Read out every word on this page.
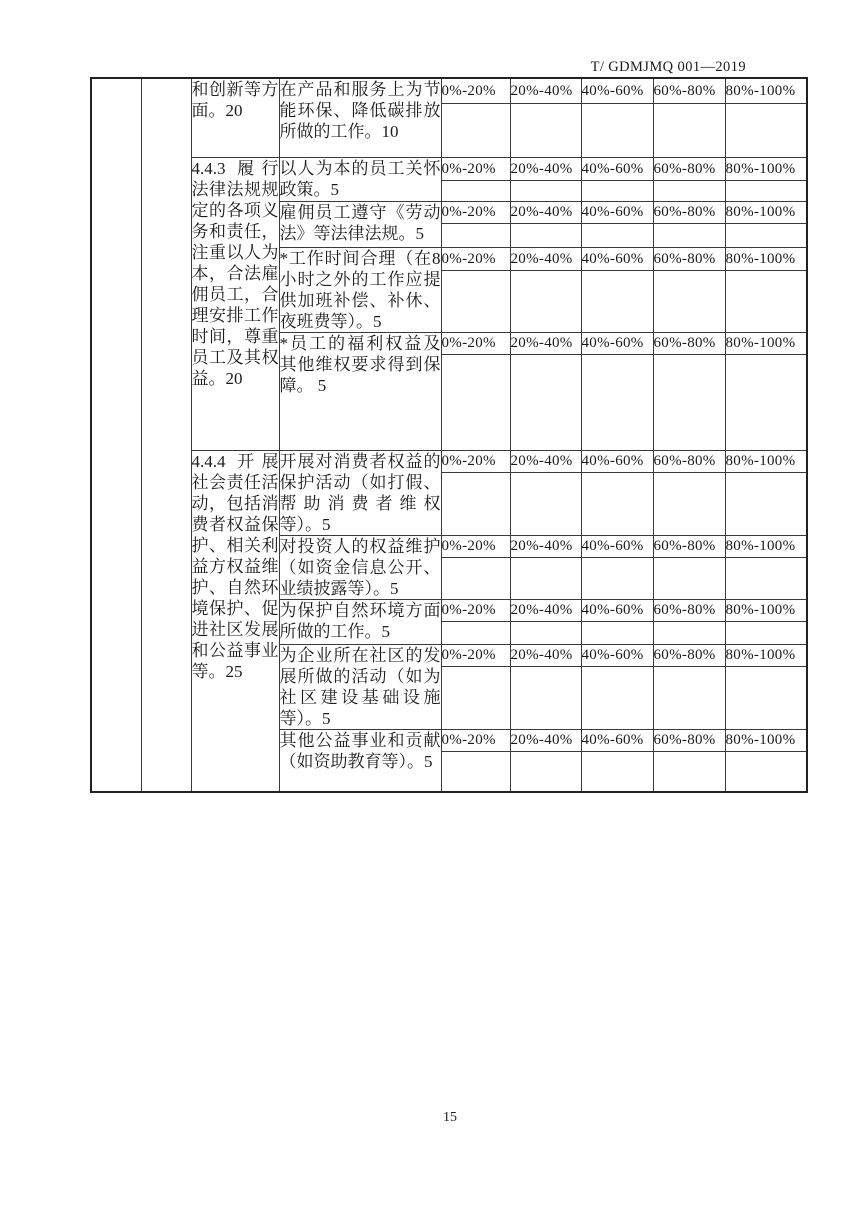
T/ GDMJMQ 001—2019
		和创新等方面。20	在产品和服务上为节能环保、降低碳排放所做的工作。10	0%-20%	20%-40%	40%-60%	60%-80%	80%-100%

		4.4.3 履行法律法规规定的各项义务和责任，注重以人为本，合法雇佣员工，合理安排工作时间，尊重员工及其权益。20	以人为本的员工关怀政策。5	0%-20%	20%-40%	40%-60%	60%-80%	80%-100%

			雇佣员工遵守《劳动法》等法律法规。5	0%-20%	20%-40%	40%-60%	60%-80%	80%-100%

			*工作时间合理（在8小时之外的工作应提供加班补偿、补休、夜班费等）。5	0%-20%	20%-40%	40%-60%	60%-80%	80%-100%

			*员工的福利权益及其他维权要求得到保障。 5	0%-20%	20%-40%	40%-60%	60%-80%	80%-100%

		4.4.4 开展社会责任活动，包括消费者权益保护、相关利益方权益维护、自然环境保护、促进社区发展和公益事业等。25	开展对消费者权益的保护活动（如打假、帮助消费者维权等）。5	0%-20%	20%-40%	40%-60%	60%-80%	80%-100%

			对投资人的权益维护（如资金信息公开、业绩披露等）。5	0%-20%	20%-40%	40%-60%	60%-80%	80%-100%

			为保护自然环境方面所做的工作。5	0%-20%	20%-40%	40%-60%	60%-80%	80%-100%

			为企业所在社区的发展所做的活动（如为社区建设基础设施等）。5	0%-20%	20%-40%	40%-60%	60%-80%	80%-100%

			其他公益事业和贡献（如资助教育等）。5	0%-20%	20%-40%	40%-60%	60%-80%	80%-100%

15
